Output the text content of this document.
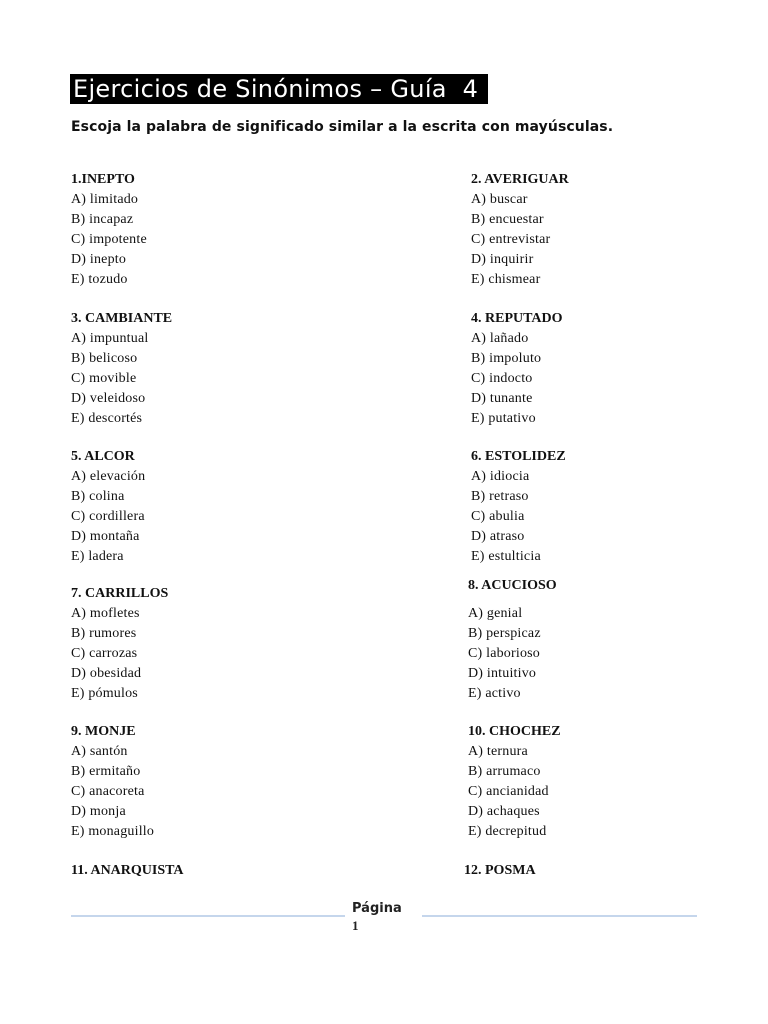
Ejercicios de Sinónimos – Guía  4
Escoja la palabra de significado similar a la escrita con mayúsculas.
1.INEPTO
A) limitado
B) incapaz
C) impotente
D) inepto
E) tozudo
2. AVERIGUAR
A) buscar
B) encuestar
C) entrevistar
D) inquirir
E) chismear
3. CAMBIANTE
A) impuntual
B) belicoso
C) movible
D) veleidoso
E) descortés
4. REPUTADO
A) lañado
B) impoluto
C) indocto
D) tunante
E) putativo
5. ALCOR
A) elevación
B) colina
C) cordillera
D) montaña
E) ladera
6. ESTOLIDEZ
A) idiocia
B) retraso
C) abulia
D) atraso
E) estulticia
7. CARRILLOS
A) mofletes
B) rumores
C) carrozas
D) obesidad
E) pómulos
8. ACUCIOSO
A) genial
B) perspicaz
C) laborioso
D) intuitivo
E) activo
9. MONJE
A) santón
B) ermitaño
C) anacoreta
D) monja
E) monaguillo
10. CHOCHEZ
A) ternura
B) arrumaco
C) ancianidad
D) achaques
E) decrepitud
11. ANARQUISTA	12. POSMA
Página
1
